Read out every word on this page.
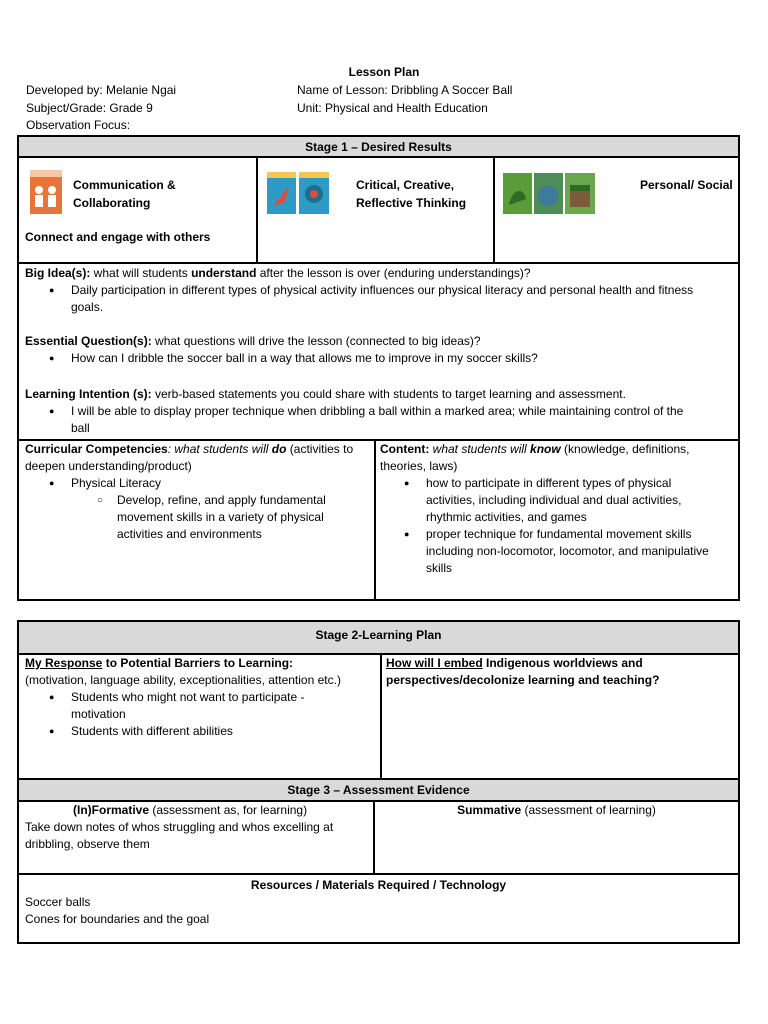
Lesson Plan
Developed by: Melanie Ngai
Subject/Grade: Grade 9
Observation Focus:
Name of Lesson: Dribbling A Soccer Ball
Unit: Physical and Health Education
Stage 1 – Desired Results
Communication &
Collaborating
Connect and engage with others
Critical, Creative,
Reflective Thinking
Personal/ Social
Big Idea(s): what will students understand after the lesson is over (enduring understandings)?
● Daily participation in different types of physical activity influences our physical literacy and personal health and fitness
goals.
Essential Question(s): what questions will drive the lesson (connected to big ideas)?
● How can I dribble the soccer ball in a way that allows me to improve in my soccer skills?
Learning Intention (s): verb-based statements you could share with students to target learning and assessment.
● I will be able to display proper technique when dribbling a ball within a marked area; while maintaining control of the
ball
Curricular Competencies: what students will do (activities to
deepen understanding/product)
● Physical Literacy
○ Develop, refine, and apply fundamental
movement skills in a variety of physical
activities and environments
Content: what students will know (knowledge, definitions,
theories, laws)
● how to participate in different types of physical
activities, including individual and dual activities,
rhythmic activities, and games
● proper technique for fundamental movement skills
including non-locomotor, locomotor, and manipulative
skills
Stage 2-Learning Plan
My Response to Potential Barriers to Learning:
(motivation, language ability, exceptionalities, attention etc.)
● Students who might not want to participate -
motivation
● Students with different abilities
How will I embed Indigenous worldviews and
perspectives/decolonize learning and teaching?
Stage 3 – Assessment Evidence
(In)Formative (assessment as, for learning)
Take down notes of whos struggling and whos excelling at
dribbling, observe them
Summative (assessment of learning)
Resources / Materials Required / Technology
Soccer balls
Cones for boundaries and the goal
